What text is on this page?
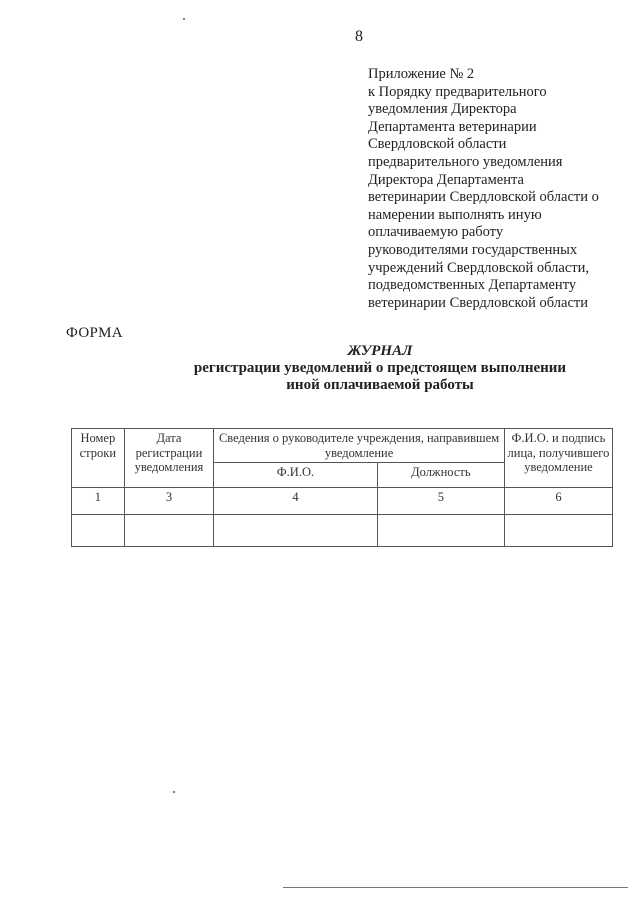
8
Приложение № 2
к Порядку предварительного
уведомления Директора
Департамента ветеринарии
Свердловской области
предварительного уведомления
Директора Департамента
ветеринарии Свердловской области о
намерении выполнять иную
оплачиваемую работу
руководителями государственных
учреждений Свердловской области,
подведомственных Департаменту
ветеринарии Свердловской области
ФОРМА
ЖУРНАЛ
регистрации уведомлений о предстоящем выполнении
иной оплачиваемой работы
Номер строки	Дата регистрации уведомления	Сведения о руководителе учреждения, направившем уведомление		Ф.И.О. и подпись лица, получившего уведомление
		Ф.И.О.	Должность	
1	3	4	5	6
